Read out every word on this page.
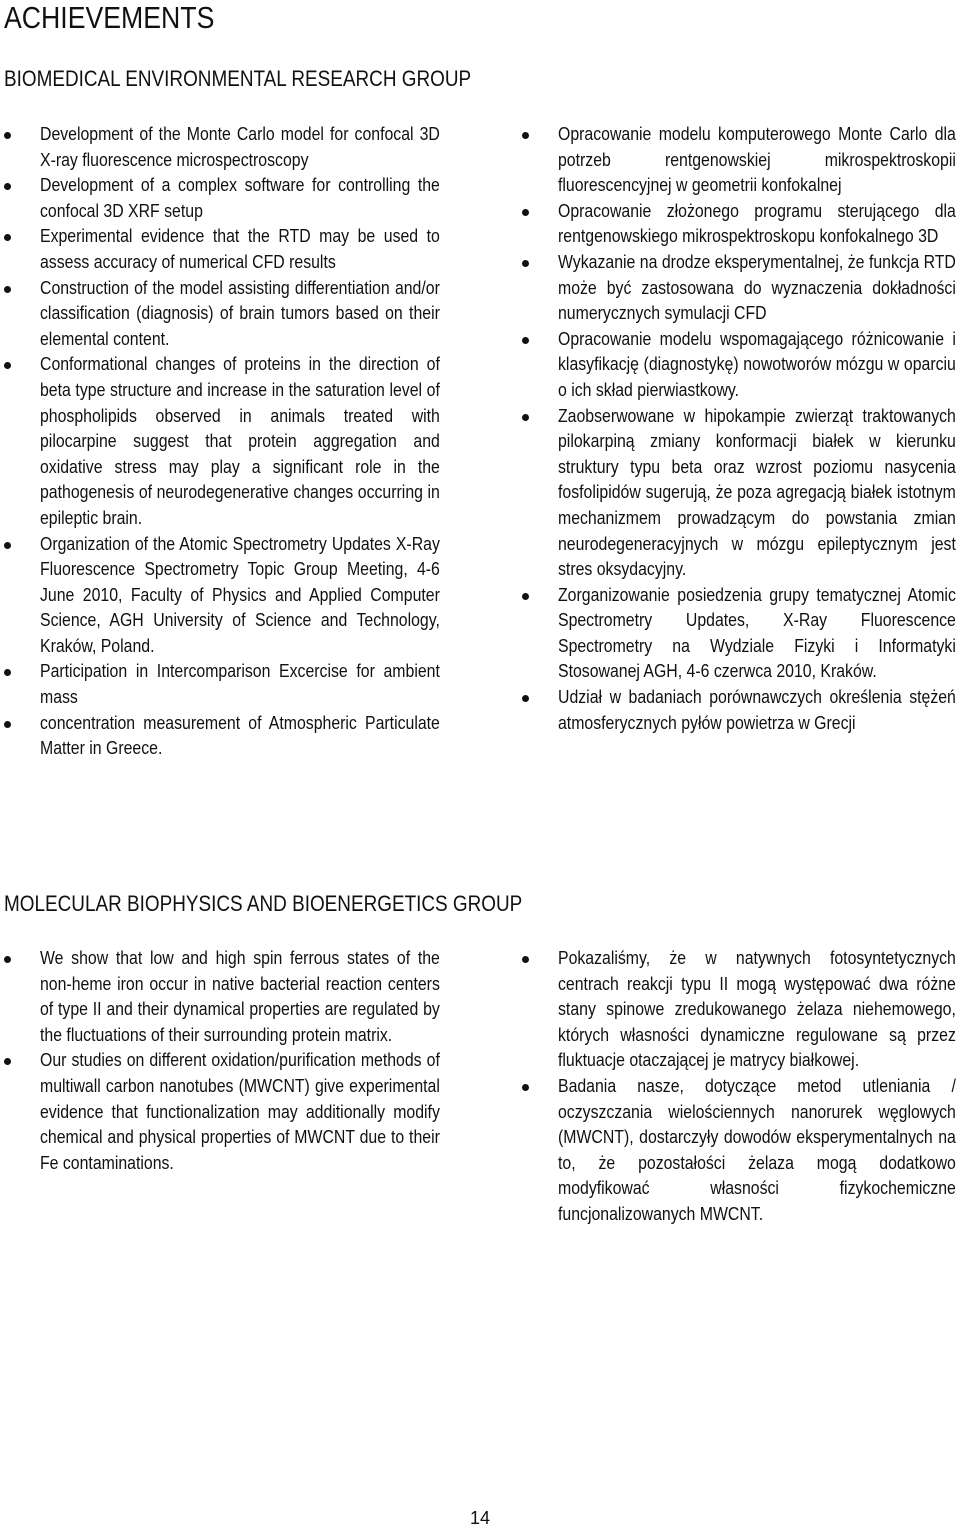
ACHIEVEMENTS
BIOMEDICAL ENVIRONMENTAL RESEARCH GROUP
Development of the Monte Carlo model for confocal 3D X-ray fluorescence microspectroscopy
Development of a complex software for controlling the confocal 3D XRF setup
Experimental evidence that the RTD may be used to assess accuracy of numerical CFD results
Construction of the model assisting differentiation and/or classification (diagnosis) of brain tumors based on their elemental content.
Conformational changes of proteins in the direction of beta type structure and increase in the saturation level of phospholipids observed in animals treated with pilocarpine suggest that protein aggregation and oxidative stress may play a significant role in the pathogenesis of neurodegenerative changes occurring in epileptic brain.
Organization of the Atomic Spectrometry Updates X-Ray Fluorescence Spectrometry Topic Group Meeting, 4-6 June 2010, Faculty of Physics and Applied Computer Science, AGH University of Science and Technology, Kraków, Poland.
Participation in Intercomparison Excercise for ambient mass
concentration measurement of Atmospheric Particulate Matter in Greece.
Opracowanie modelu komputerowego Monte Carlo dla potrzeb rentgenowskiej mikrospektroskopii fluorescencyjnej w geometrii konfokalnej
Opracowanie złożonego programu sterującego dla rentgenowskiego mikrospektroskopu konfokalnego 3D
Wykazanie na drodze eksperymentalnej, że funkcja RTD może być zastosowana do wyznaczenia dokładności numerycznych symulacji CFD
Opracowanie modelu wspomagającego różnicowanie i klasyfikację (diagnostykę) nowotworów mózgu w oparciu o ich skład pierwiastkowy.
Zaobserwowane w hipokampie zwierząt traktowanych pilokarpiną zmiany konformacji białek w kierunku struktury typu beta oraz wzrost poziomu nasycenia fosfolipidów sugerują, że poza agregacją białek istotnym mechanizmem prowadzącym do powstania zmian neurodegeneracyjnych w mózgu epileptycznym jest stres oksydacyjny.
Zorganizowanie posiedzenia grupy tematycznej Atomic Spectrometry Updates, X-Ray Fluorescence Spectrometry na Wydziale Fizyki i Informatyki Stosowanej AGH, 4-6 czerwca 2010, Kraków.
Udział w badaniach porównawczych określenia stężeń atmosferycznych pyłów powietrza w Grecji
MOLECULAR BIOPHYSICS AND BIOENERGETICS GROUP
We show that low and high spin ferrous states of the non-heme iron occur in native bacterial reaction centers of type II and their dynamical properties are regulated by the fluctuations of their surrounding protein matrix.
Our studies on different oxidation/purification methods of multiwall carbon nanotubes (MWCNT) give experimental evidence that functionalization may additionally modify chemical and physical properties of MWCNT due to their Fe contaminations.
Pokazaliśmy, że w natywnych fotosyntetycznych centrach reakcji typu II mogą występować dwa różne stany spinowe zredukowanego żelaza niehemowego, których własności dynamiczne regulowane są przez fluktuacje otaczającej je matrycy białkowej.
Badania nasze, dotyczące metod utleniania / oczyszczania wielościennych nanorurek węglowych (MWCNT), dostarczyły dowodów eksperymentalnych na to, że pozostałości żelaza mogą dodatkowo modyfikować własności fizykochemiczne funcjonalizowanych MWCNT.
14
